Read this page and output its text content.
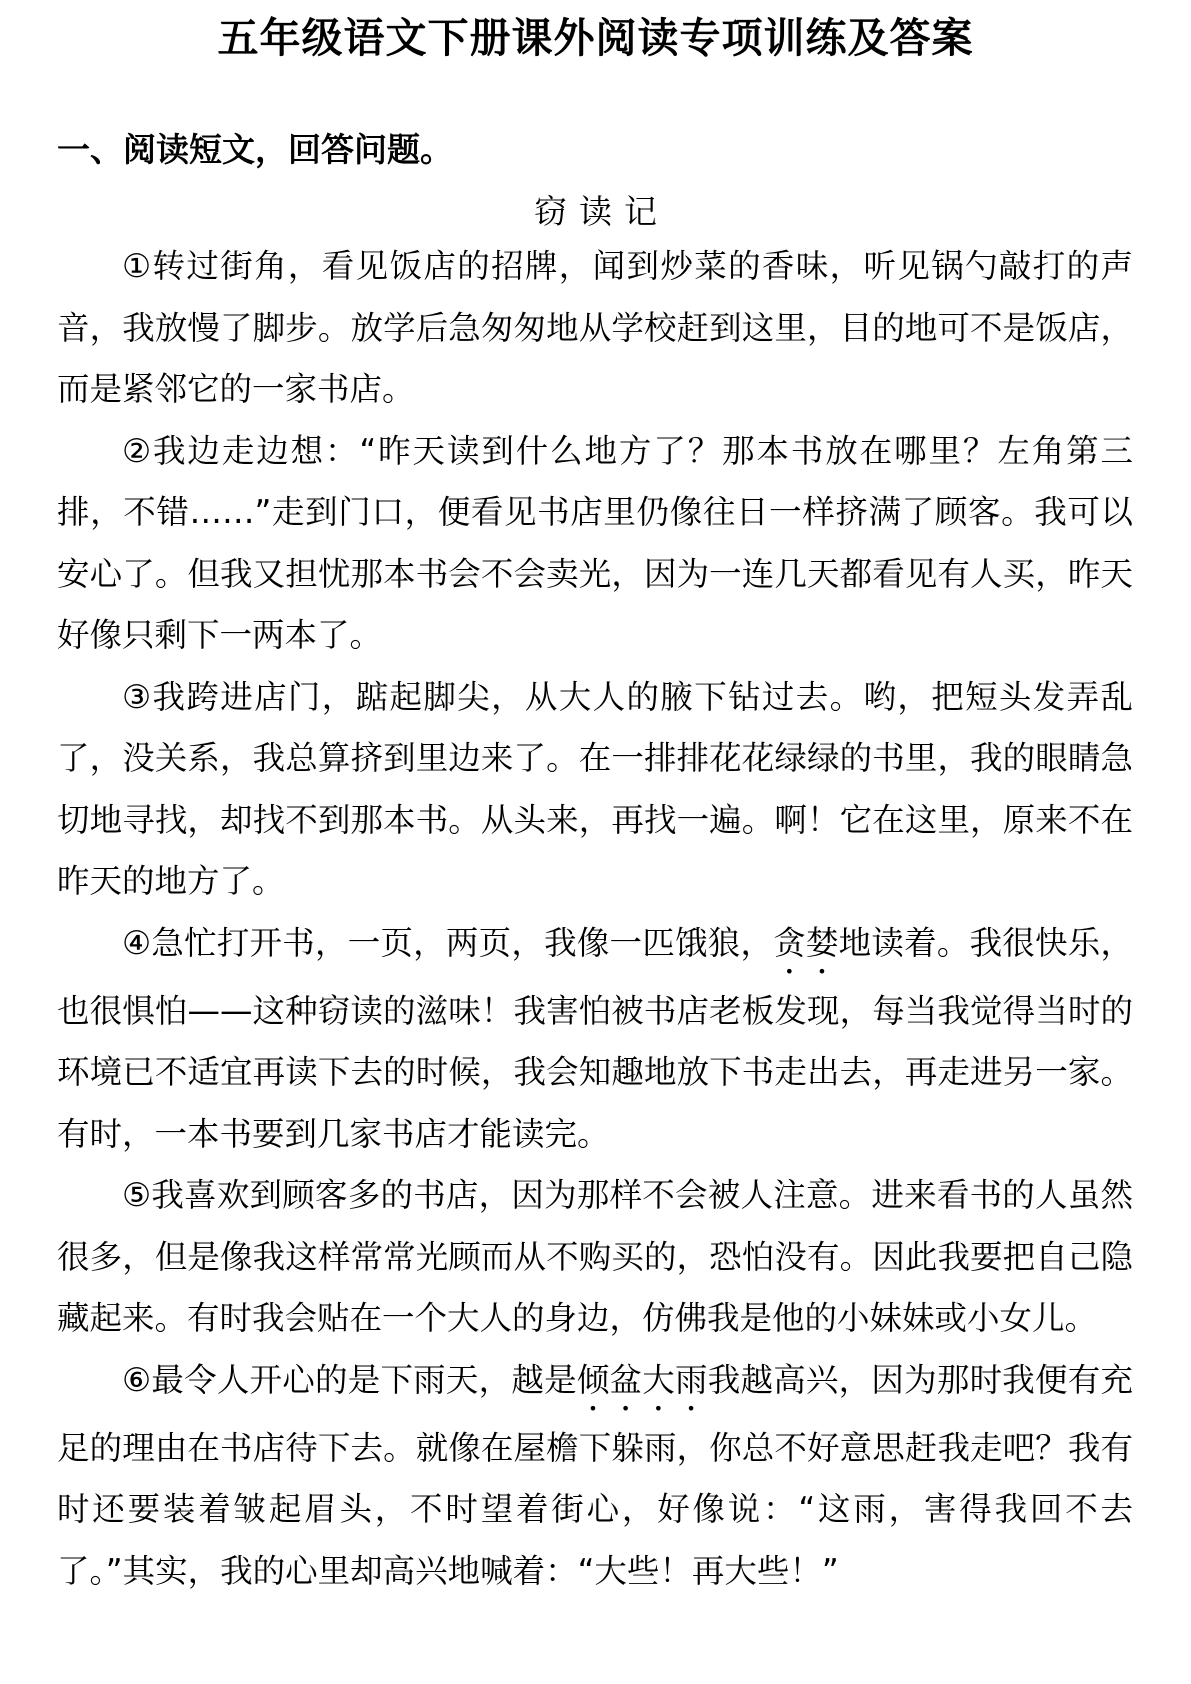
五年级语文下册课外阅读专项训练及答案
一、阅读短文，回答问题。
窃读记

①转过街角，看见饭店的招牌，闻到炒菜的香味，听见锅勺敲打的声音，我放慢了脚步。放学后急匆匆地从学校赶到这里，目的地可不是饭店，而是紧邻它的一家书店。

②我边走边想：“昨天读到什么地方了？那本书放在哪里？左角第三排，不错……”走到门口，便看见书店里仍像往日一样挤满了顾客。我可以安心了。但我又担忧那本书会不会卖光，因为一连几天都看见有人买，昨天好像只剩下一两本了。

③我跨进店门，踮起脚尖，从大人的腋下钻过去。哟，把短头发弄乱了，没关系，我总算挤到里边来了。在一排排花花绿绿的书里，我的眼睛急切地寻找，却找不到那本书。从头来，再找一遍。啊！它在这里，原来不在昨天的地方了。

④急忙打开书，一页，两页，我像一匹饿狼，贪婪地读着。我很快乐，也很惧怕——这种窃读的滋味！我害怕被书店老板发现，每当我觉得当时的环境已不适宜再读下去的时候，我会知趣地放下书走出去，再走进另一家。有时，一本书要到几家书店才能读完。

⑤我喜欢到顾客多的书店，因为那样不会被人注意。进来看书的人虽然很多，但是像我这样常常光顾而从不购买的，恐怕没有。因此我要把自己隐藏起来。有时我会贴在一个大人的身边，仿佛我是他的小妹妹或小女儿。

⑥最令人开心的是下雨天，越是倾盆大雨我越高兴，因为那时我便有充足的理由在书店待下去。就像在屋檐下躲雨，你总不好意思赶我走吧？我有时还要装着皱起眉头，不时望着街心，好像说：“这雨，害得我回不去了。”其实，我的心里却高兴地喊着：“大些！再大些！”
